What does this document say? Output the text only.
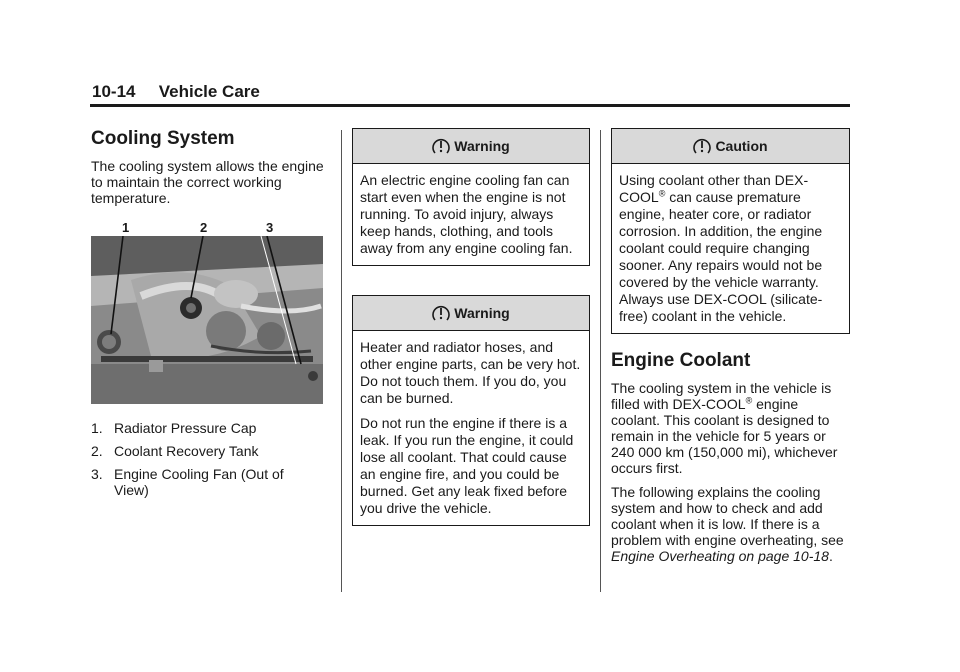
10-14 Vehicle Care
Cooling System

The cooling system allows the engine to maintain the correct working temperature.

1	2	3
1. Radiator Pressure Cap
2. Coolant Recovery Tank
3. Engine Cooling Fan (Out of View)
Warning

An electric engine cooling fan can start even when the engine is not running. To avoid injury, always keep hands, clothing, and tools away from any engine cooling fan.

Warning

Heater and radiator hoses, and other engine parts, can be very hot. Do not touch them. If you do, you can be burned.

Do not run the engine if there is a leak. If you run the engine, it could lose all coolant. That could cause an engine fire, and you could be burned. Get any leak fixed before you drive the vehicle.

Caution

Using coolant other than DEX-COOL® can cause premature engine, heater core, or radiator corrosion. In addition, the engine coolant could require changing sooner. Any repairs would not be covered by the vehicle warranty. Always use DEX-COOL (silicate-free) coolant in the vehicle.

Engine Coolant

The cooling system in the vehicle is filled with DEX-COOL® engine coolant. This coolant is designed to remain in the vehicle for 5 years or 240 000 km (150,000 mi), whichever occurs first.

The following explains the cooling system and how to check and add coolant when it is low. If there is a problem with engine overheating, see Engine Overheating on page 10-18.
